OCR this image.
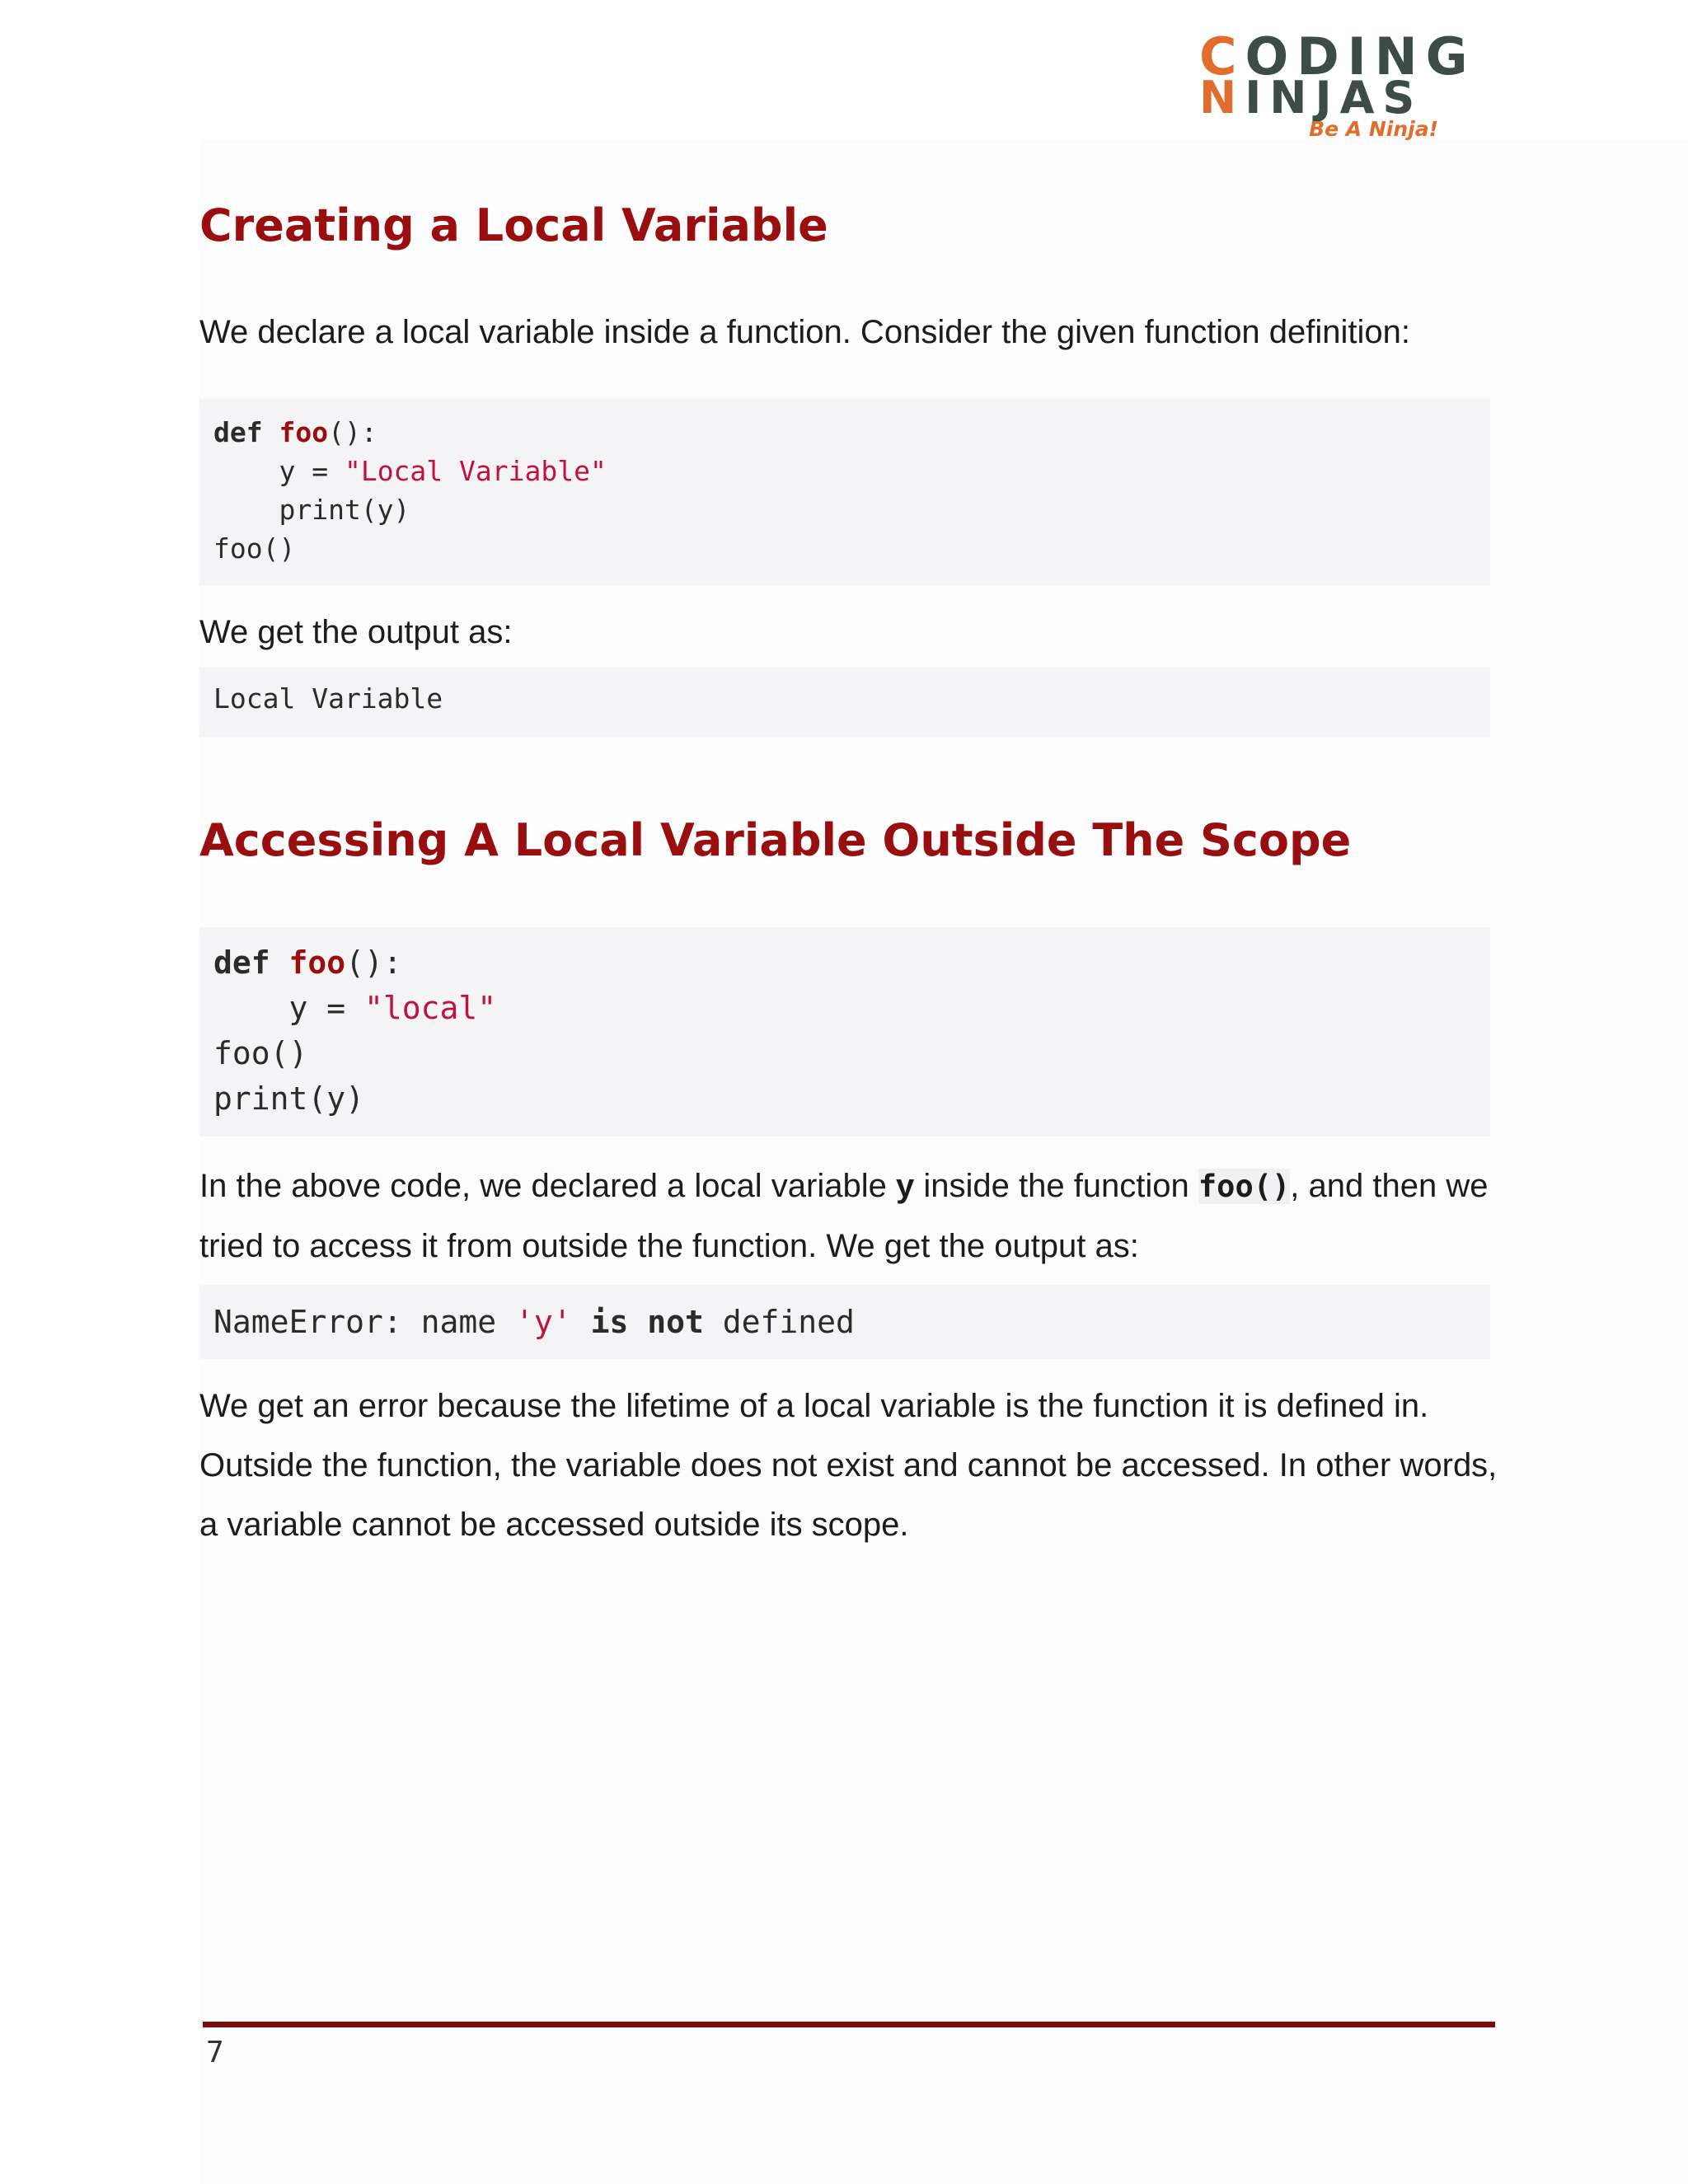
CODING
NINJAS
Be A Ninja!
Creating a Local Variable

We declare a local variable inside a function. Consider the given function definition:

def foo():
y = "Local Variable"
print(y)
foo()

We get the output as:

Local Variable
Accessing A Local Variable Outside The Scope
def foo():
y = "local"
foo()
print(y)

In the above code, we declared a local variable y inside the function foo(), and then we tried to access it from outside the function. We get the output as:

NameError: name 'y' is not defined

We get an error because the lifetime of a local variable is the function it is defined in. Outside the function, the variable does not exist and cannot be accessed. In other words, a variable cannot be accessed outside its scope.

7
